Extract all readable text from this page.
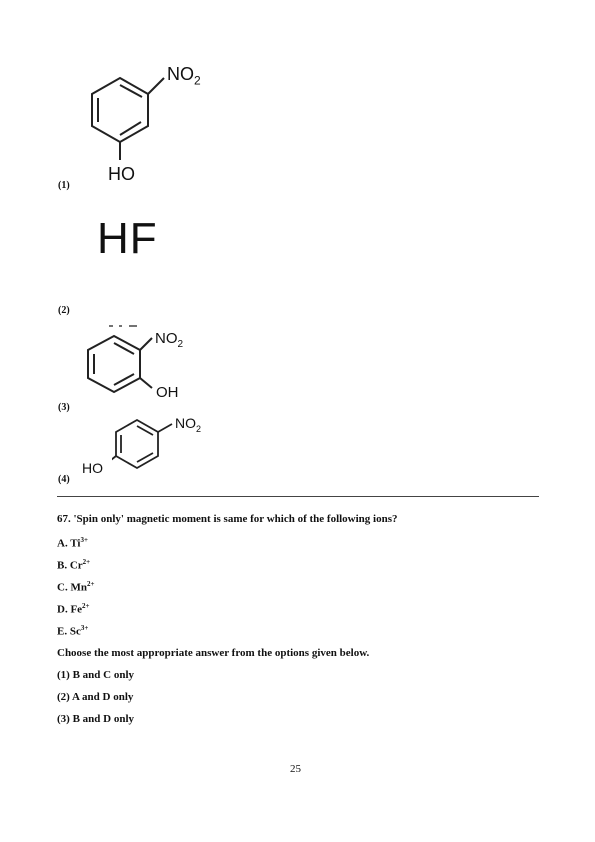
$NO_2$
HO
(1)
HF
(2)
$NO_2$
OH
(3)
$NO_2$
HO
(4)
67. 'Spin only' magnetic moment is same for which of the following ions?
A. $Ti^{3+}$
B. $Cr^{2+}$
C. $Mn^{2+}$
D. $Fe^{2+}$
E. $Sc^{3+}$
Choose the most appropriate answer from the options given below.
(1) B and C only
(2) A and D only
(3) B and D only
25
